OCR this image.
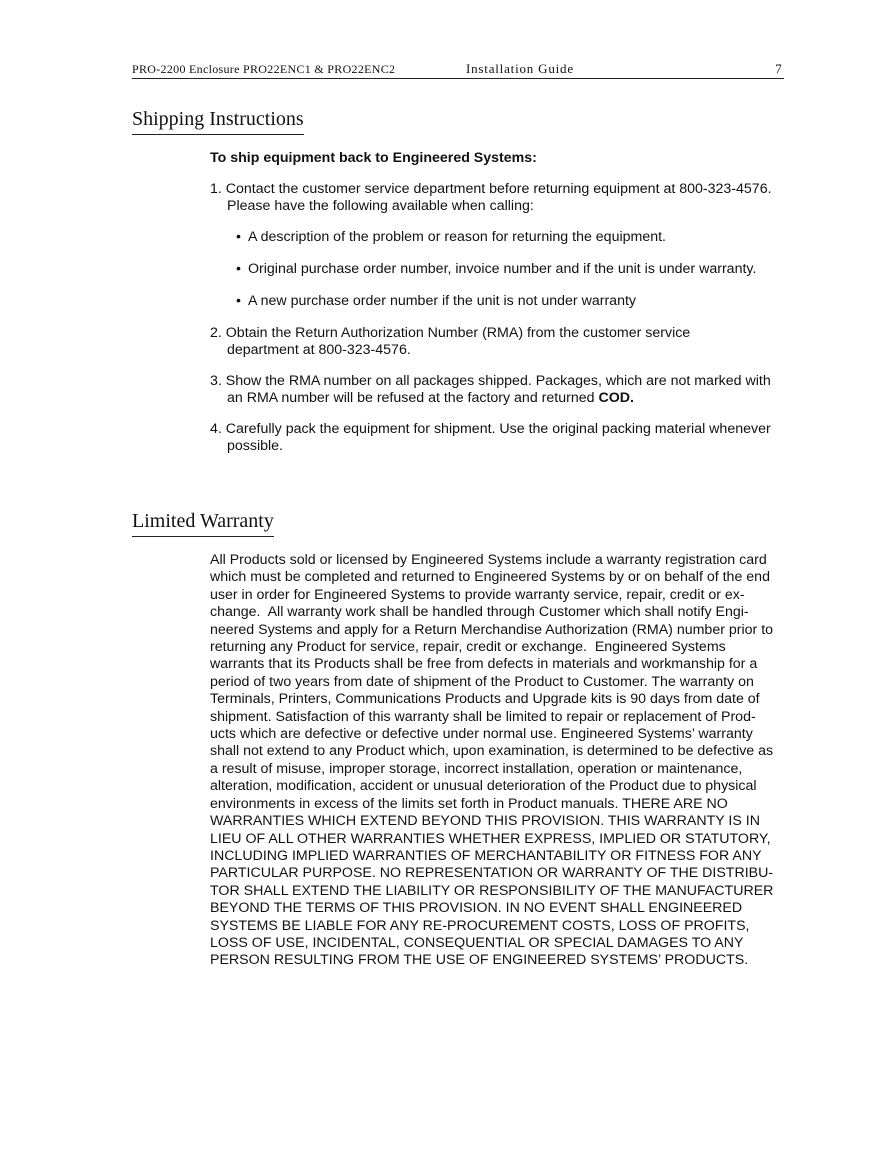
PRO-2200 Enclosure PRO22ENC1 & PRO22ENC2	Installation Guide	7
Shipping Instructions
To ship equipment back to Engineered Systems:
1. Contact the customer service department before returning equipment at 800-323-4576.
Please have the following available when calling:
• A description of the problem or reason for returning the equipment.
• Original purchase order number, invoice number and if the unit is under warranty.
• A new purchase order number if the unit is not under warranty
2. Obtain the Return Authorization Number (RMA) from the customer service
department at 800-323-4576.
3. Show the RMA number on all packages shipped. Packages, which are not marked with
an RMA number will be refused at the factory and returned COD.
4. Carefully pack the equipment for shipment. Use the original packing material whenever
possible.
Limited Warranty
All Products sold or licensed by Engineered Systems include a warranty registration card
which must be completed and returned to Engineered Systems by or on behalf of the end
user in order for Engineered Systems to provide warranty service, repair, credit or ex-
change.  All warranty work shall be handled through Customer which shall notify Engi-
neered Systems and apply for a Return Merchandise Authorization (RMA) number prior to
returning any Product for service, repair, credit or exchange.  Engineered Systems
warrants that its Products shall be free from defects in materials and workmanship for a
period of two years from date of shipment of the Product to Customer. The warranty on
Terminals, Printers, Communications Products and Upgrade kits is 90 days from date of
shipment. Satisfaction of this warranty shall be limited to repair or replacement of Prod-
ucts which are defective or defective under normal use. Engineered Systems’ warranty
shall not extend to any Product which, upon examination, is determined to be defective as
a result of misuse, improper storage, incorrect installation, operation or maintenance,
alteration, modification, accident or unusual deterioration of the Product due to physical
environments in excess of the limits set forth in Product manuals. THERE ARE NO
WARRANTIES WHICH EXTEND BEYOND THIS PROVISION. THIS WARRANTY IS IN
LIEU OF ALL OTHER WARRANTIES WHETHER EXPRESS, IMPLIED OR STATUTORY,
INCLUDING IMPLIED WARRANTIES OF MERCHANTABILITY OR FITNESS FOR ANY
PARTICULAR PURPOSE. NO REPRESENTATION OR WARRANTY OF THE DISTRIBU-
TOR SHALL EXTEND THE LIABILITY OR RESPONSIBILITY OF THE MANUFACTURER
BEYOND THE TERMS OF THIS PROVISION. IN NO EVENT SHALL ENGINEERED
SYSTEMS BE LIABLE FOR ANY RE-PROCUREMENT COSTS, LOSS OF PROFITS,
LOSS OF USE, INCIDENTAL, CONSEQUENTIAL OR SPECIAL DAMAGES TO ANY
PERSON RESULTING FROM THE USE OF ENGINEERED SYSTEMS’ PRODUCTS.
